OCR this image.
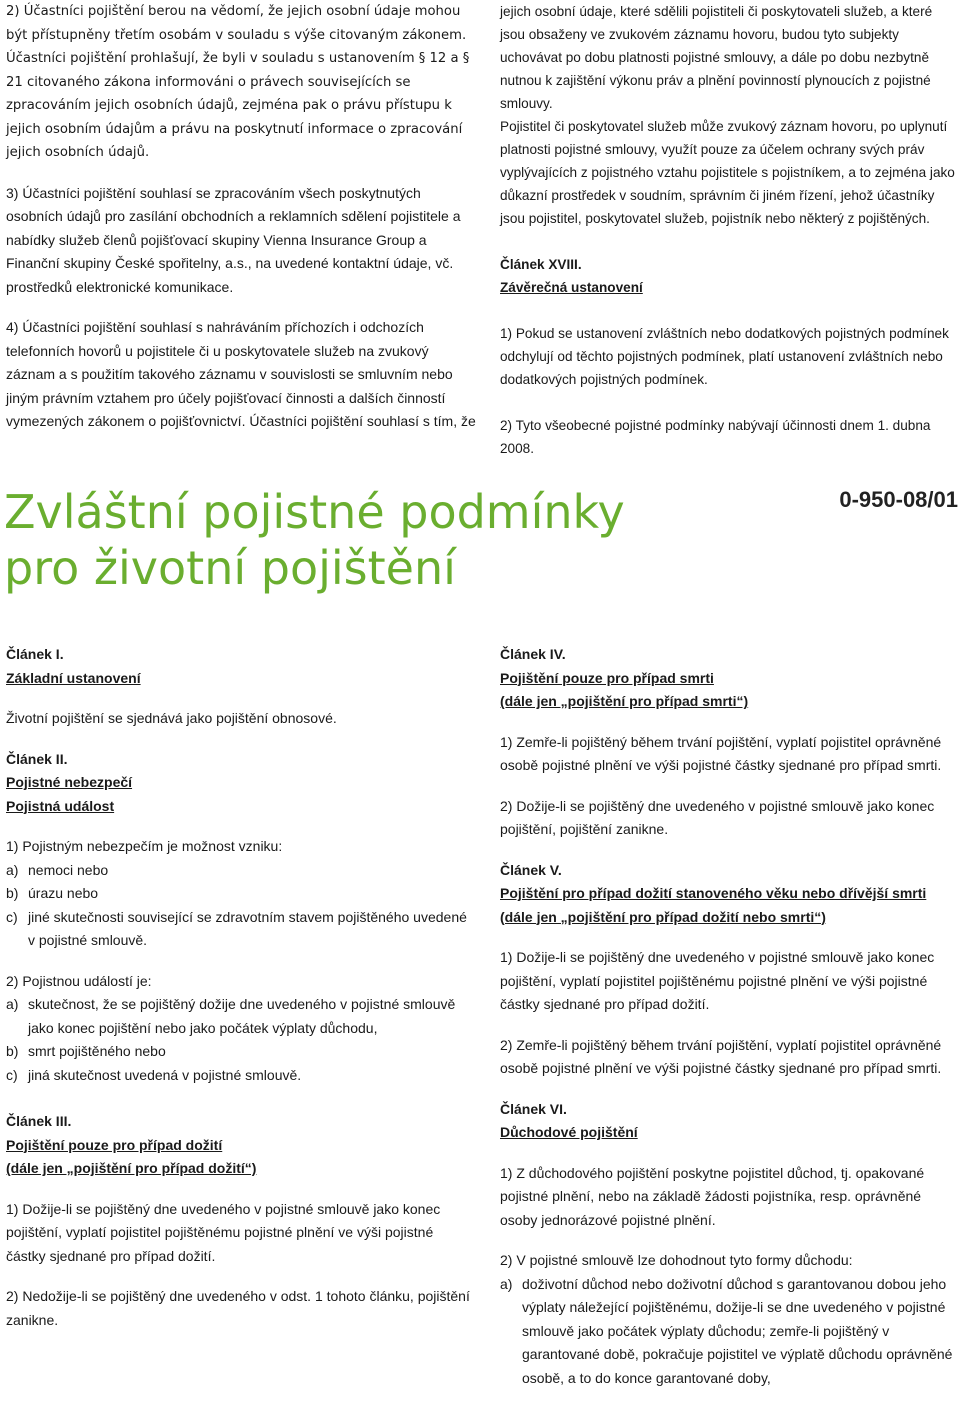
2) Účastníci pojištění berou na vědomí, že jejich osobní údaje mohou být přístupněny třetím osobám v souladu s výše citovaným zákonem. Účastníci pojištění prohlašují, že byli v souladu s ustanovením § 12 a § 21 citovaného zákona informováni o právech souvisejících se zpracováním jejich osobních údajů, zejména pak o právu přístupu k jejich osobním údajům a právu na poskytnutí informace o zpracování jejich osobních údajů.

3) Účastníci pojištění souhlasí se zpracováním všech poskytnutých osobních údajů pro zasílání obchodních a reklamních sdělení pojistitele a nabídky služeb členů pojišťovací skupiny Vienna Insurance Group a Finanční skupiny České spořitelny, a.s., na uvedené kontaktní údaje, vč. prostředků elektronické komunikace.

4) Účastníci pojištění souhlasí s nahráváním příchozích i odchozích telefonních hovorů u pojistitele či u poskytovatele služeb na zvukový záznam a s použitím takového záznamu v souvislosti se smluvním nebo jiným právním vztahem pro účely pojišťovací činnosti a dalších činností vymezených zákonem o pojišťovnictví. Účastníci pojištění souhlasí s tím, že

jejich osobní údaje, které sdělili pojistiteli či poskytovateli služeb, a které jsou obsaženy ve zvukovém záznamu hovoru, budou tyto subjekty uchovávat po dobu platnosti pojistné smlouvy, a dále po dobu nezbytně nutnou k zajištění výkonu práv a plnění povinností plynoucích z pojistné smlouvy.

Pojistitel či poskytovatel služeb může zvukový záznam hovoru, po uplynutí platnosti pojistné smlouvy, využít pouze za účelem ochrany svých práv vyplývajících z pojistného vztahu pojistitele s pojistníkem, a to zejména jako důkazní prostředek v soudním, správním či jiném řízení, jehož účastníky jsou pojistitel, poskytovatel služeb, pojistník nebo některý z pojištěných.

Článek XVIII.

Závěrečná ustanovení

1) Pokud se ustanovení zvláštních nebo dodatkových pojistných podmínek odchylují od těchto pojistných podmínek, platí ustanovení zvláštních nebo dodatkových pojistných podmínek.

2) Tyto všeobecné pojistné podmínky nabývají účinnosti dnem 1. dubna 2008.

Zvláštní pojistné podmínky
pro životní pojištění
0-950-08/01

Článek I.

Základní ustanovení

Životní pojištění se sjednává jako pojištění obnosové.

Článek II.

Pojistné nebezpečí

Pojistná událost

1) Pojistným nebezpečím je možnost vzniku:

a) nemoci nebo
b) úrazu nebo
c) jiné skutečnosti související se zdravotním stavem pojištěného uvedené v pojistné smlouvě.

2) Pojistnou událostí je:

a) skutečnost, že se pojištěný dožije dne uvedeného v pojistné smlouvě jako konec pojištění nebo jako počátek výplaty důchodu,
b) smrt pojištěného nebo
c) jiná skutečnost uvedená v pojistné smlouvě.

Článek III.

Pojištění pouze pro případ dožití

(dále jen „pojištění pro případ dožití“)

1) Dožije-li se pojištěný dne uvedeného v pojistné smlouvě jako konec pojištění, vyplatí pojistitel pojištěnému pojistné plnění ve výši pojistné částky sjednané pro případ dožití.

2) Nedožije-li se pojištěný dne uvedeného v odst. 1 tohoto článku, pojištění zanikne.

Článek IV.

Pojištění pouze pro případ smrti

(dále jen „pojištění pro případ smrti“)

1) Zemře-li pojištěný během trvání pojištění, vyplatí pojistitel oprávněné osobě pojistné plnění ve výši pojistné částky sjednané pro případ smrti.

2) Dožije-li se pojištěný dne uvedeného v pojistné smlouvě jako konec pojištění, pojištění zanikne.

Článek V.

Pojištění pro případ dožití stanoveného věku nebo dřívější smrti

(dále jen „pojištění pro případ dožití nebo smrti“)

1) Dožije-li se pojištěný dne uvedeného v pojistné smlouvě jako konec pojištění, vyplatí pojistitel pojištěnému pojistné plnění ve výši pojistné částky sjednané pro případ dožití.

2) Zemře-li pojištěný během trvání pojištění, vyplatí pojistitel oprávněné osobě pojistné plnění ve výši pojistné částky sjednané pro případ smrti.

Článek VI.

Důchodové pojištění

1) Z důchodového pojištění poskytne pojistitel důchod, tj. opakované pojistné plnění, nebo na základě žádosti pojistníka, resp. oprávněné osoby jednorázové pojistné plnění.

2) V pojistné smlouvě lze dohodnout tyto formy důchodu:

a) doživotní důchod nebo doživotní důchod s garantovanou dobou jeho výplaty náležející pojištěnému, dožije-li se dne uvedeného v pojistné smlouvě jako počátek výplaty důchodu; zemře-li pojištěný v garantované době, pokračuje pojistitel ve výplatě důchodu oprávněné osobě, a to do konce garantované doby,
